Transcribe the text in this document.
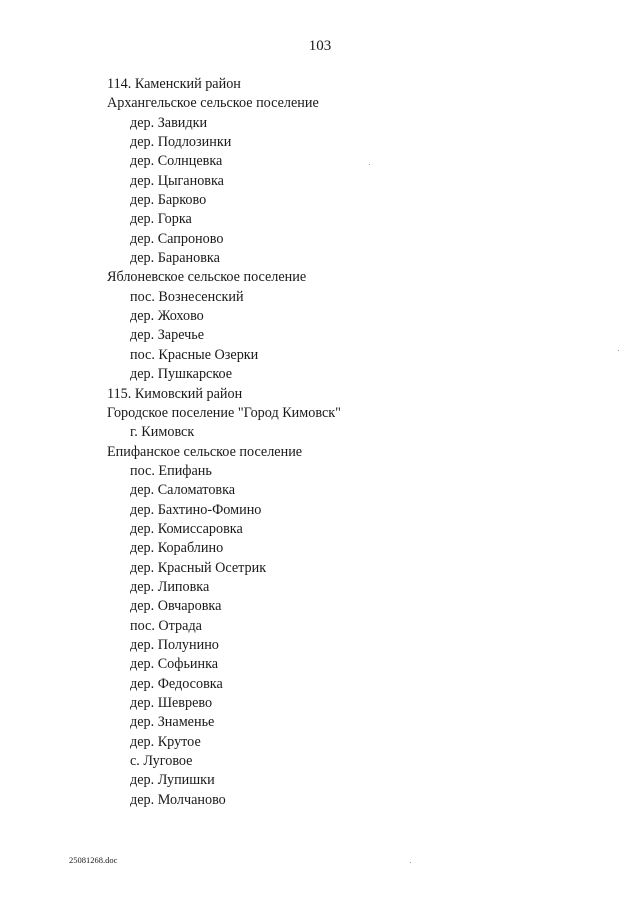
103
114. Каменский район
Архангельское сельское поселение
дер. Завидки
дер. Подлозинки
дер. Солнцевка
дер. Цыгановка
дер. Барково
дер. Горка
дер. Сапроново
дер. Барановка
Яблоневское сельское поселение
пос. Вознесенский
дер. Жохово
дер. Заречье
пос. Красные Озерки
дер. Пушкарское
115. Кимовский район
Городское поселение "Город Кимовск"
г. Кимовск
Епифанское сельское поселение
пос. Епифань
дер. Саломатовка
дер. Бахтино-Фомино
дер. Комиссаровка
дер. Кораблино
дер. Красный Осетрик
дер. Липовка
дер. Овчаровка
пос. Отрада
дер. Полунино
дер. Софьинка
дер. Федосовка
дер. Шеврево
дер. Знаменье
дер. Крутое
с. Луговое
дер. Лупишки
дер. Молчаново
25081268.doc
